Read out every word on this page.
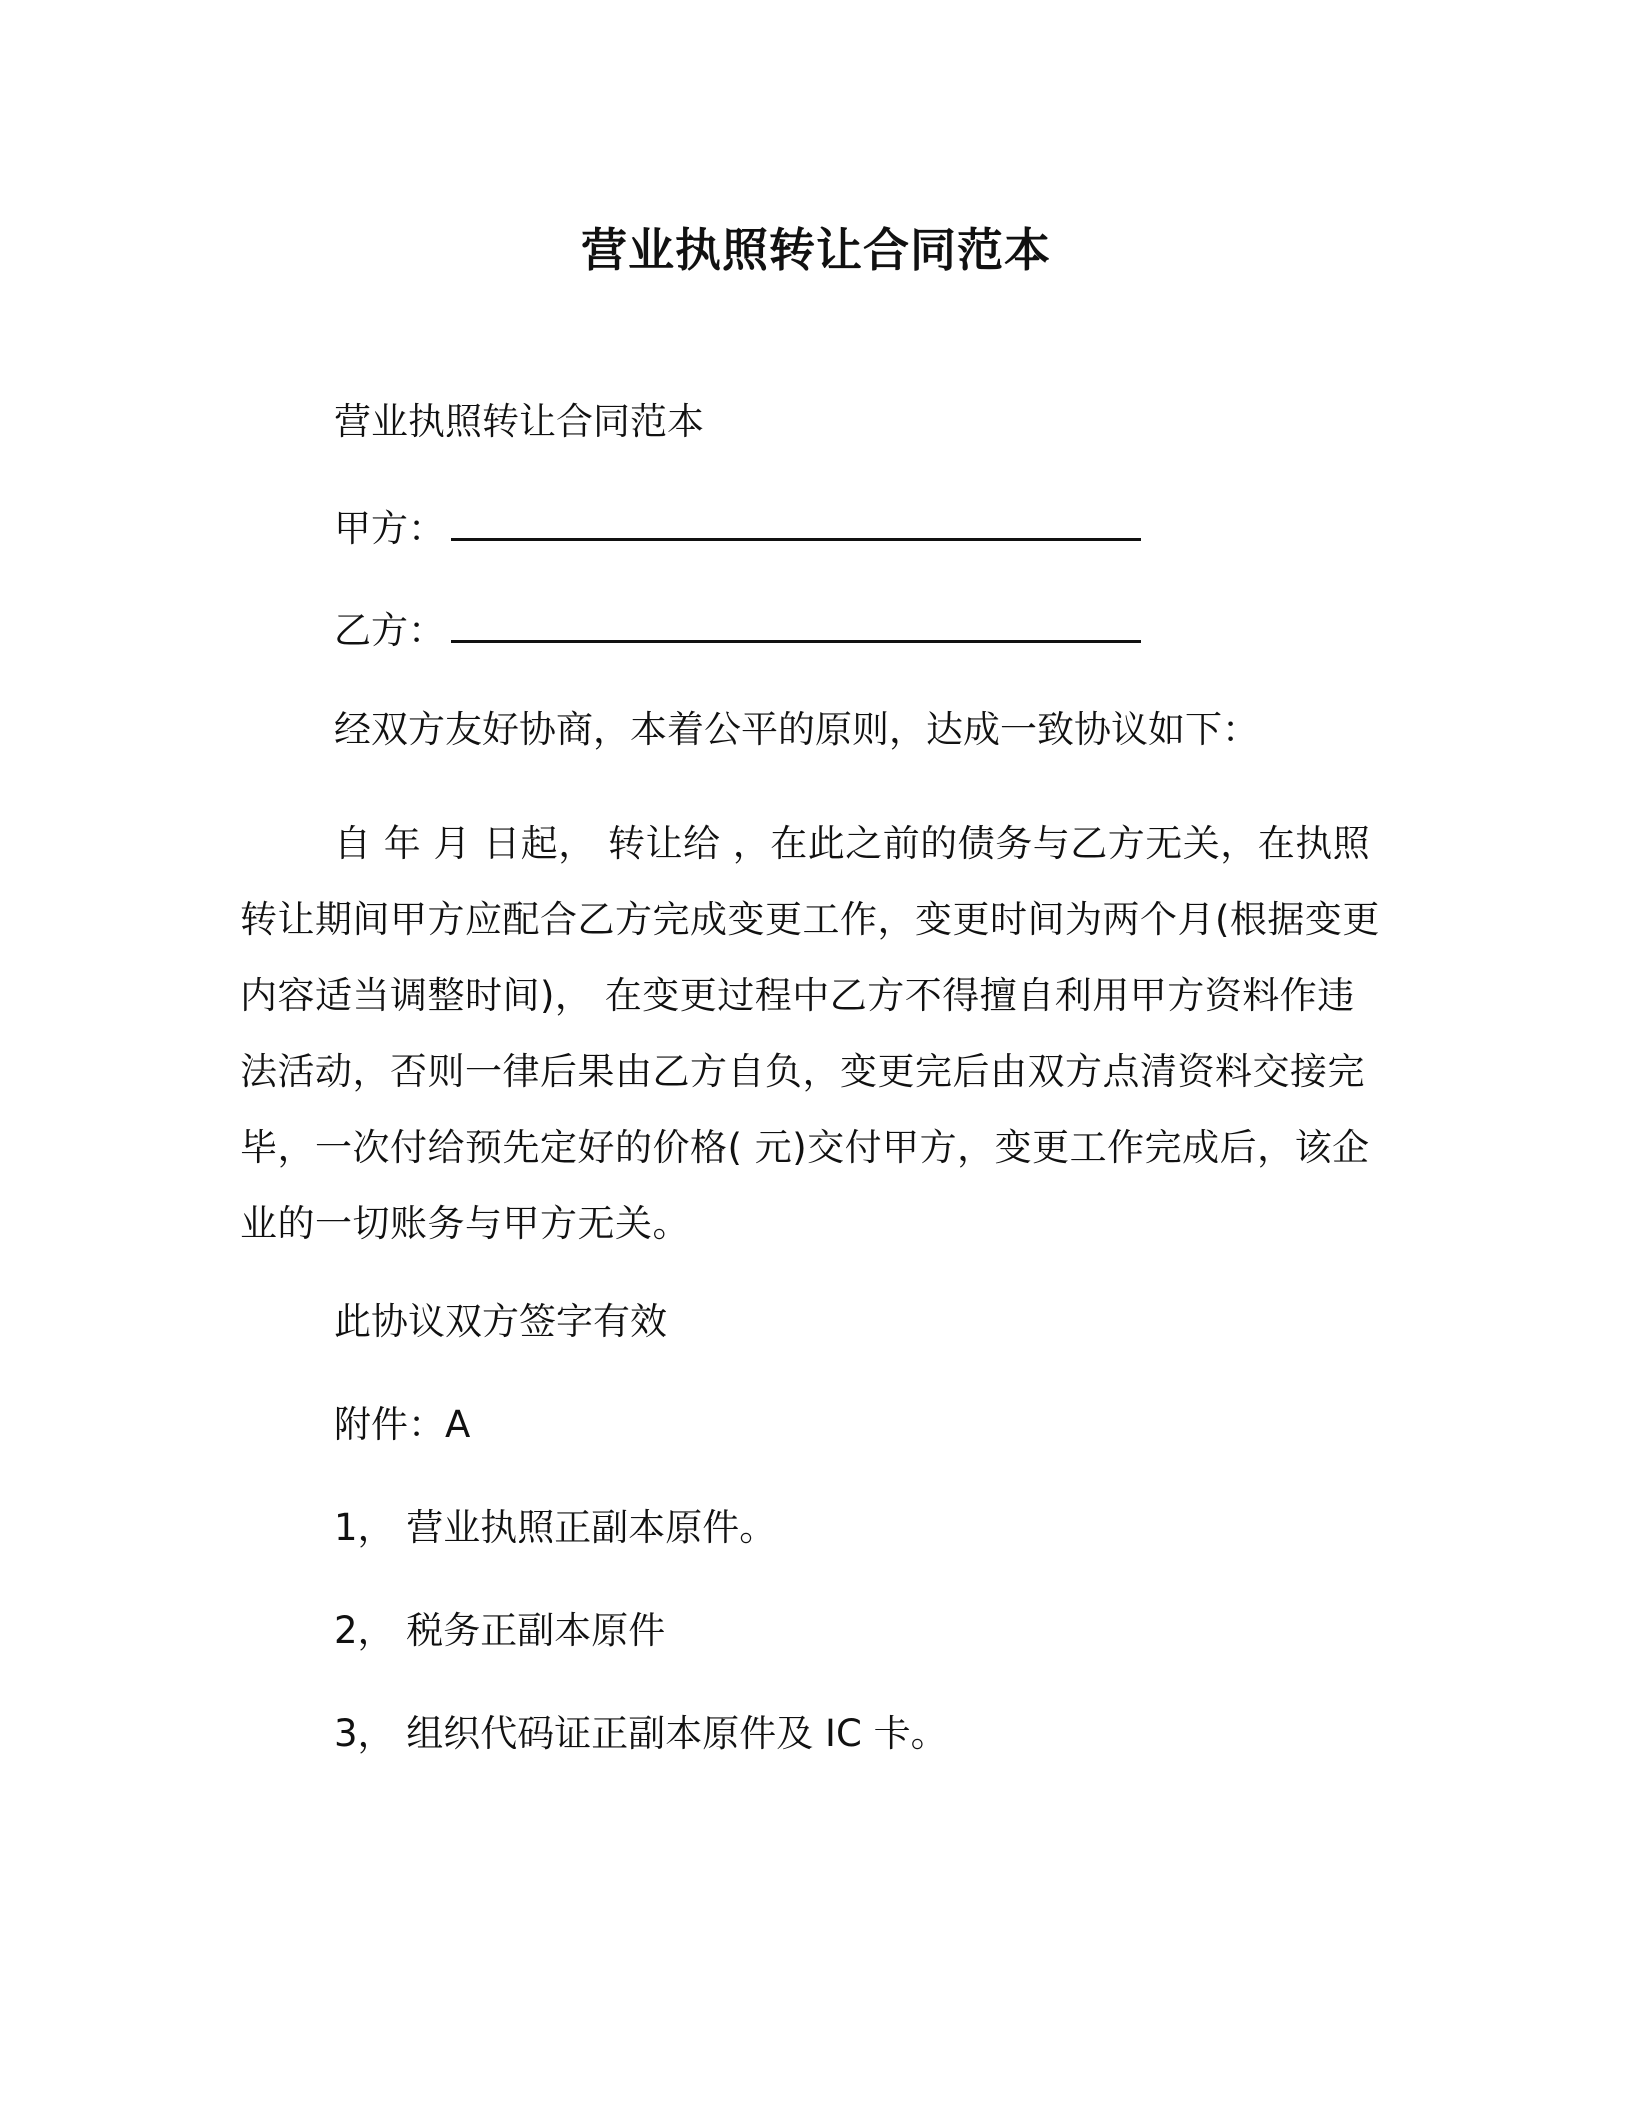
营业执照转让合同范本
营业执照转让合同范本
甲方：
乙方：
经双方友好协商，本着公平的原则，达成一致协议如下：
自 年 月 日起， 转让给 ，在此之前的债务与乙方无关，在执照转让期间甲方应配合乙方完成变更工作，变更时间为两个月(根据变更内容适当调整时间)， 在变更过程中乙方不得擅自利用甲方资料作违法活动，否则一律后果由乙方自负，变更完后由双方点清资料交接完毕，一次付给预先定好的价格( 元)交付甲方，变更工作完成后，该企业的一切账务与甲方无关。
此协议双方签字有效
附件：A
1， 营业执照正副本原件。
2， 税务正副本原件
3， 组织代码证正副本原件及 IC 卡。
